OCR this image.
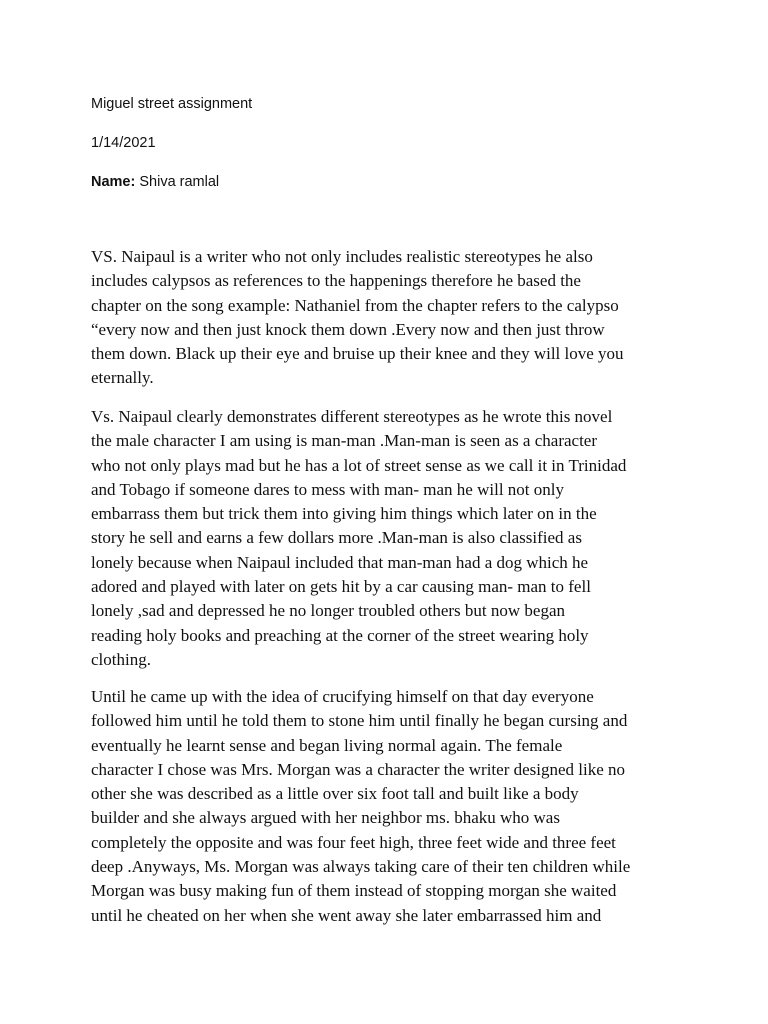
Miguel street assignment
1/14/2021
Name: Shiva ramlal
VS. Naipaul is a writer who not only includes realistic stereotypes he also
includes calypsos as references to the happenings therefore he based the
chapter on the song example: Nathaniel from the chapter refers to the calypso
“every now and then just knock them down .Every now and then just throw
them down. Black up their eye and bruise up their knee and they will love you
eternally.
Vs. Naipaul clearly demonstrates different stereotypes as he wrote this novel
the male character I am using is man-man .Man-man is seen as a character
who not only plays mad but he has a lot of street sense as we call it in Trinidad
and Tobago if someone dares to mess with man- man he will not only
embarrass them but trick them into giving him things which later on in the
story he sell and earns a few dollars more .Man-man is also classified as
lonely because when Naipaul included that man-man had a dog which he
adored and played with later on gets hit by a car causing man- man to fell
lonely ,sad and depressed he no longer troubled others but now began
reading holy books and preaching at the corner of the street wearing holy
clothing.
Until he came up with the idea of crucifying himself on that day everyone
followed him until he told them to stone him until finally he began cursing and
eventually he learnt sense and began living normal again. The female
character I chose was Mrs. Morgan was a character the writer designed like no
other she was described as a little over six foot tall and built like a body
builder and she always argued with her neighbor ms. bhaku who was
completely the opposite and was four feet high, three feet wide and three feet
deep .Anyways, Ms. Morgan was always taking care of their ten children while
Morgan was busy making fun of them instead of stopping morgan she waited
until he cheated on her when she went away she later embarrassed him and
